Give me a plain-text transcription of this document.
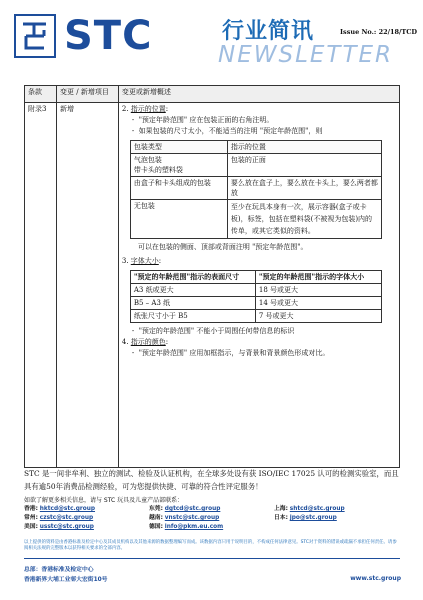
STC	行业简讯
NEWSLETTER
Issue No.: 22/18/TCD
条款	变更 / 新增项目	变更或新增概述
附录3	新增	2. 指示的位置:
-  "预定年龄范围" 应在包装正面的右角注明。
-  如果包装的尺寸太小，不能适当的注明 "预定年龄范围"，则
包装类型	指示的位置
气泡包装
带卡头的塑料袋	包装的正面
由盒子和卡头组成的包装	要么放在盒子上，要么放在卡头上，要么两者都放
无包装	至少在玩具本身有一次，展示容器(盒子或卡板)，标签，包括在塑料袋(不被视为包装)内的传单，或其它类似的资料。
可以在包装的侧面、顶部或背面注明 "预定年龄范围"。
3. 字体大小:
"预定的年龄范围"指示的表面尺寸	"预定的年龄范围"指示的字体大小
A3 纸或更大	18 号或更大
B5 – A3 纸	14 号或更大
纸张尺寸小于 B5	7 号或更大
-  "预定的年龄范围" 不能小于周围任何带信息的标识
4. 指示的颜色:
-  "预定年龄范围" 应用加框指示，与背景和背景颜色形成对比。
STC 是一间非牟利、独立的测试、检验及认证机构，在全球多处设有获 ISO/IEC 17025 认可的检测实验室，而且具有逾50年消费品检测经验，可为您提供快捷、可靠的符合性评定服务！
如欲了解更多相关信息，请与 STC 玩具及儿童产品部联系：
香港: hktcd@stc.group	东莞: dgtcd@stc.group	上海: shtcd@stc.group
常州: czstc@stc.group	越南: vnstc@stc.group	日本: jpo@stc.group
美国: usstc@stc.group	德国: info@pkm.eu.com
以上提供的资料是由香港标准及检定中心及其成员机构以及其他来源的数据整理编写而成。该数据内容只用于说明目的，不构成任何法律意见。STC对于资料的错误或疏漏不承担任何责任。请参阅相关法规的完整版本以获得相关要求的全部内容。
总部：香港标准及检定中心
香港新界大埔工业邨大宏街10号	www.stc.group
